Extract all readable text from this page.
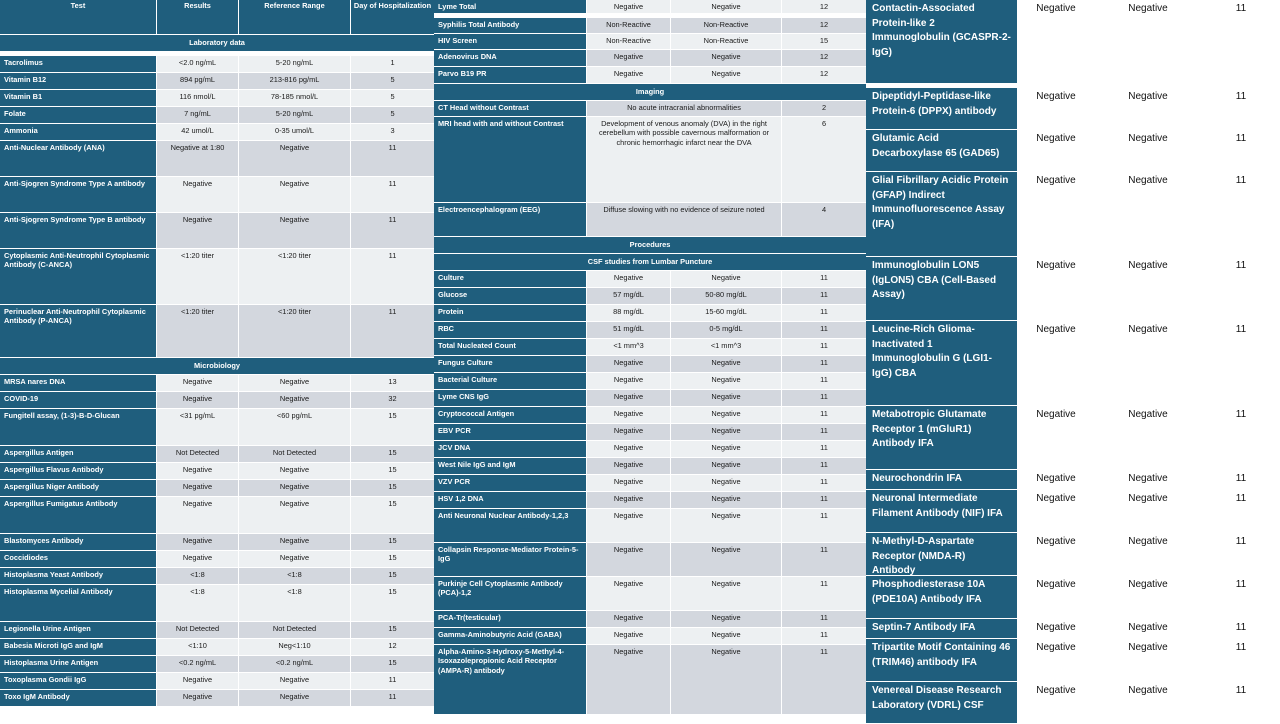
Test	Results	Reference Range	Day of Hospitalization
Laboratory data
Tacrolimus	<2.0 ng/mL	5-20 ng/mL	1
Vitamin B12	894 pg/mL	213-816 pg/mL	5
Vitamin B1	116 nmol/L	78-185 nmol/L	5
Folate	7 ng/mL	5-20 ng/mL	5
Ammonia	42 umol/L	0-35 umol/L	3
Anti-Nuclear Antibody (ANA)	Negative at 1:80	Negative	11
Anti-Sjogren Syndrome Type A antibody	Negative	Negative	11
Anti-Sjogren Syndrome Type B antibody	Negative	Negative	11
Cytoplasmic Anti-Neutrophil Cytoplasmic Antibody (C-ANCA)
<1:20 titer	<1:20 titer	11
Perinuclear Anti-Neutrophil Cytoplasmic Antibody (P-ANCA)
<1:20 titer	<1:20 titer	11
Microbiology
MRSA nares DNA	Negative	Negative	13
COVID-19	Negative	Negative	32
Fungitell assay, (1-3)-B-D-Glucan	<31 pg/mL	<60 pg/mL	15
Aspergillus Antigen	Not Detected	Not Detected	15
Aspergillus Flavus Antibody	Negative	Negative	15
Aspergillus Niger Antibody	Negative	Negative	15
Aspergillus Fumigatus Antibody	Negative	Negative	15
Blastomyces Antibody	Negative	Negative	15
Coccidiodes	Negative	Negative	15
Histoplasma Yeast Antibody	<1:8	<1:8	15
Histoplasma Mycelial Antibody	<1:8	<1:8	15
Legionella Urine Antigen	Not Detected	Not Detected	15
Babesia Microti IgG and IgM	<1:10	Neg<1:10	12
Histoplasma Urine Antigen	<0.2 ng/mL	<0.2 ng/mL	15
Toxoplasma Gondii IgG	Negative	Negative	11
Toxo IgM Antibody	Negative	Negative	11
Lyme Total	Negative	Negative	12
Syphilis Total Antibody	Non-Reactive	Non-Reactive	12
HIV Screen	Non-Reactive	Non-Reactive	15
Adenovirus DNA	Negative	Negative	12
Parvo B19 PR	Negative	Negative	12
Imaging
CT Head without Contrast	No acute intracranial abnormalities	2
MRI head with and without Contrast	Development of venous anomaly (DVA) in the right cerebellum with possible cavernous malformation or chronic hemorrhagic infarct near the DVA
6
Electroencephalogram (EEG)	Diffuse slowing with no evidence of seizure noted	4
Procedures
CSF studies from Lumbar Puncture
Culture	Negative	Negative	11
Glucose	57 mg/dL	50-80 mg/dL	11
Protein	88 mg/dL	15-60 mg/dL	11
RBC	51 mg/dL	0-5 mg/dL	11
Total Nucleated Count	<1 mm^3	<1 mm^3	11
Fungus Culture	Negative	Negative	11
Bacterial Culture	Negative	Negative	11
Lyme CNS IgG	Negative	Negative	11
Cryptococcal Antigen	Negative	Negative	11
EBV PCR	Negative	Negative	11
JCV DNA	Negative	Negative	11
West Nile IgG and IgM	Negative	Negative	11
VZV PCR	Negative	Negative	11
HSV 1,2 DNA	Negative	Negative	11
Anti Neuronal Nuclear Antibody-1,2,3	Negative	Negative	11
Collapsin Response-Mediator Protein-5-IgG
Negative	Negative	11
Purkinje Cell Cytoplasmic Antibody (PCA)-1,2
Negative	Negative	11
PCA-Tr(testicular)	Negative	Negative	11
Gamma-Aminobutyric Acid (GABA)	Negative	Negative	11
Alpha-Amino-3-Hydroxy-5-Methyl-4-Isoxazolepropionic Acid Receptor (AMPA-R) antibody
Negative	Negative	11
Contactin-Associated Protein-like 2 Immunoglobulin (GCASPR-2-IgG)
Negative	Negative	11
Dipeptidyl-Peptidase-like Protein-6 (DPPX) antibody
Negative	Negative	11
Glutamic Acid Decarboxylase 65 (GAD65)
Negative	Negative	11
Glial Fibrillary Acidic Protein (GFAP) Indirect Immunofluorescence Assay (IFA)
Negative	Negative	11
Immunoglobulin LON5 (IgLON5) CBA (Cell-Based Assay)
Negative	Negative	11
Leucine-Rich Glioma-Inactivated 1 Immunoglobulin G (LGI1-IgG) CBA
Negative	Negative	11
Metabotropic Glutamate Receptor 1 (mGluR1) Antibody IFA
Negative	Negative	11
Neurochondrin IFA	Negative	Negative	11
Neuronal Intermediate Filament Antibody (NIF) IFA
Negative	Negative	11
N-Methyl-D-Aspartate Receptor (NMDA-R) Antibody
Negative	Negative	11
Phosphodiesterase 10A (PDE10A) Antibody IFA
Negative	Negative	11
Septin-7 Antibody IFA	Negative	Negative	11
Tripartite Motif Containing 46 (TRIM46) antibody IFA
Negative	Negative	11
Venereal Disease Research Laboratory (VDRL) CSF
Negative	Negative	11
